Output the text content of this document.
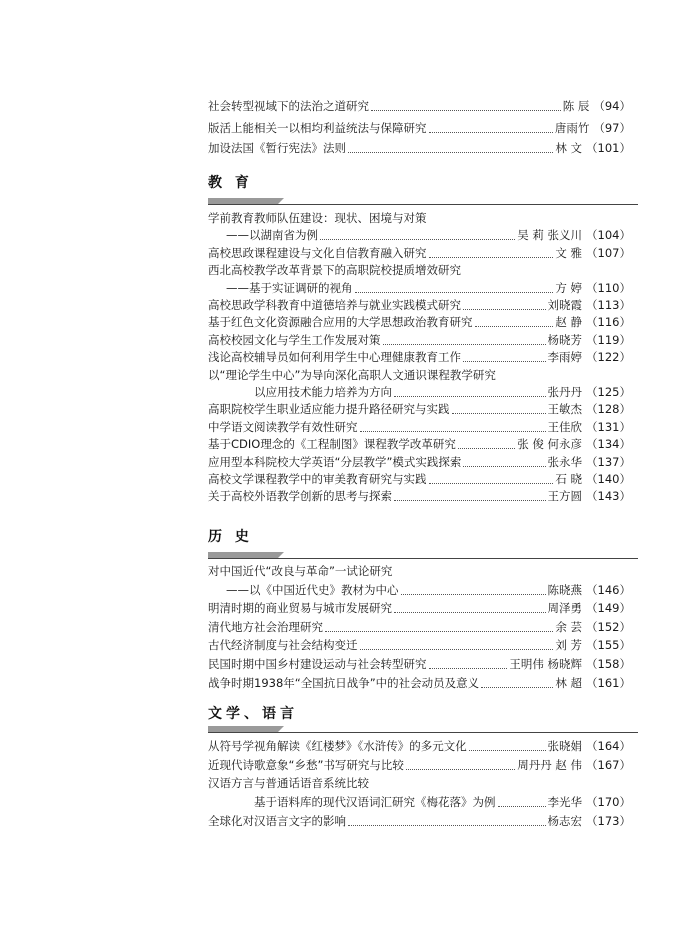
社会转型视域下的法治之道研究	陈 辰 （94）
版活上能相关一以相均利益统法与保障研究	唐雨竹 （97）
加设法国《暂行宪法》法则	林 文 （101）
教 育
学前教育教师队伍建设：现状、困境与对策
——以湖南省为例	吴 莉 张义川 （104）
高校思政课程建设与文化自信教育融入研究	文 雅 （107）
西北高校教学改革背景下的高职院校提质增效研究
——基于实证调研的视角	方 婷 （110）
高校思政学科教育中道德培养与就业实践模式研究	刘晓霞 （113）
基于红色文化资源融合应用的大学思想政治教育研究	赵 静 （116）
高校校园文化与学生工作发展对策	杨晓芳 （119）
浅论高校辅导员如何利用学生中心理健康教育工作	李雨婷 （122）
以“理论学生中心”为导向深化高职人文通识课程教学研究
以应用技术能力培养为方向	张丹丹 （125）
高职院校学生职业适应能力提升路径研究与实践	王敏杰 （128）
中学语文阅读教学有效性研究	王佳欣 （131）
基于CDIO理念的《工程制图》课程教学改革研究	张 俊 何永彦 （134）
应用型本科院校大学英语“分层教学”模式实践探索	张永华 （137）
高校文学课程教学中的审美教育研究与实践	石 晓 （140）
关于高校外语教学创新的思考与探索	王方圆 （143）
历 史
对中国近代“改良与革命”一试论研究
——以《中国近代史》教材为中心	陈晓燕 （146）
明清时期的商业贸易与城市发展研究	周泽勇 （149）
清代地方社会治理研究	余 芸 （152）
古代经济制度与社会结构变迁	刘 芳 （155）
民国时期中国乡村建设运动与社会转型研究	王明伟 杨晓辉 （158）
战争时期1938年“全国抗日战争”中的社会动员及意义	林 超 （161）
文学、语言
从符号学视角解读《红楼梦》《水浒传》的多元文化	张晓娟 （164）
近现代诗歌意象“乡愁”书写研究与比较	周丹丹 赵 伟 （167）
汉语方言与普通话语音系统比较
基于语料库的现代汉语词汇研究《梅花落》为例	李光华 （170）
全球化对汉语言文字的影响	杨志宏 （173）
